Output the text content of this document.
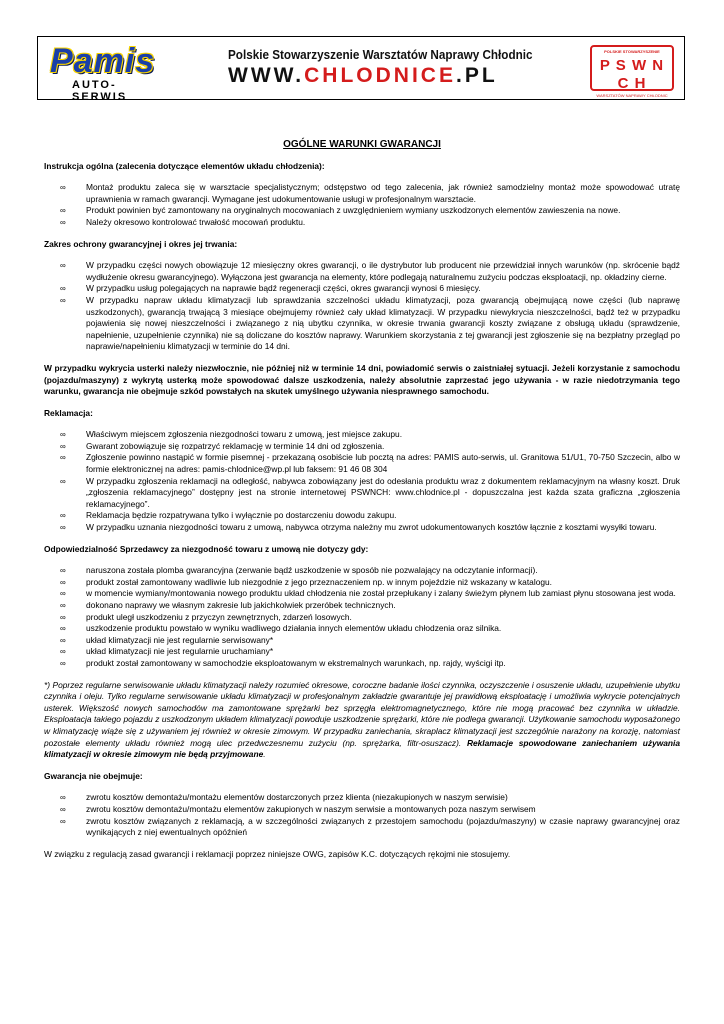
Pamis
AUTO-SERWIS
Polskie Stowarzyszenie Warsztatów Naprawy Chłodnic
WWW.CHLODNICE.PL
POLSKIE STOWARZYSZENIE
P S W N C H
WARSZTATÓW NAPRAWY CHŁODNIC
OGÓLNE WARUNKI GWARANCJI
Instrukcja ogólna (zalecenia dotyczące elementów układu chłodzenia):
∞ Montaż produktu zaleca się w warsztacie specjalistycznym; odstępstwo od tego zalecenia, jak również samodzielny montaż może spowodować utratę uprawnienia w ramach gwarancji. Wymagane jest udokumentowanie usługi w profesjonalnym warsztacie.
∞ Produkt powinien być zamontowany na oryginalnych mocowaniach z uwzględnieniem wymiany uszkodzonych elementów zawieszenia na nowe.
∞ Należy okresowo kontrolować trwałość mocowań produktu.
Zakres ochrony gwarancyjnej i okres jej trwania:
∞ W przypadku części nowych obowiązuje 12 miesięczny okres gwarancji, o ile dystrybutor lub producent nie przewidział innych warunków (np. skrócenie bądź wydłużenie okresu gwarancyjnego). Wyłączona jest gwarancja na elementy, które podlegają naturalnemu zużyciu podczas eksploatacji, np. okładziny cierne.
∞ W przypadku usług polegających na naprawie bądź regeneracji części, okres gwarancji wynosi 6 miesięcy.
∞ W przypadku napraw układu klimatyzacji lub sprawdzania szczelności układu klimatyzacji, poza gwarancją obejmującą nowe części (lub naprawę uszkodzonych), gwarancją trwającą 3 miesiące obejmujemy również cały układ klimatyzacji. W przypadku niewykrycia nieszczelności, bądź też w przypadku pojawienia się nowej nieszczelności i związanego z nią ubytku czynnika, w okresie trwania gwarancji koszty związane z obsługą układu (sprawdzenie, napełnienie, uzupełnienie czynnika) nie są doliczane do kosztów naprawy. Warunkiem skorzystania z tej gwarancji jest zgłoszenie się na bezpłatny przegląd po naprawie/napełnieniu klimatyzacji w terminie do 14 dni.
W przypadku wykrycia usterki należy niezwłocznie, nie później niż w terminie 14 dni, powiadomić serwis o zaistniałej sytuacji. Jeżeli korzystanie z samochodu (pojazdu/maszyny) z wykrytą usterką może spowodować dalsze uszkodzenia, należy absolutnie zaprzestać jego używania - w razie niedotrzymania tego warunku, gwarancja nie obejmuje szkód powstałych na skutek umyślnego używania niesprawnego samochodu.
Reklamacja:
∞ Właściwym miejscem zgłoszenia niezgodności towaru z umową, jest miejsce zakupu.
∞ Gwarant zobowiązuje się rozpatrzyć reklamację w terminie 14 dni od zgłoszenia.
∞ Zgłoszenie powinno nastąpić w formie pisemnej - przekazaną osobiście lub pocztą na adres: PAMIS auto-serwis, ul. Granitowa 51/U1, 70-750 Szczecin, albo w formie elektronicznej na adres: pamis-chlodnice@wp.pl lub faksem: 91 46 08 304
∞ W przypadku zgłoszenia reklamacji na odległość, nabywca zobowiązany jest do odesłania produktu wraz z dokumentem reklamacyjnym na własny koszt. Druk „zgłoszenia reklamacyjnego” dostępny jest na stronie internetowej PSWNCH: www.chlodnice.pl - dopuszczalna jest każda szata graficzna „zgłoszenia reklamacyjnego”.
∞ Reklamacja będzie rozpatrywana tylko i wyłącznie po dostarczeniu dowodu zakupu.
∞ W przypadku uznania niezgodności towaru z umową, nabywca otrzyma należny mu zwrot udokumentowanych kosztów łącznie z kosztami wysyłki towaru.
Odpowiedzialność Sprzedawcy za niezgodność towaru z umową nie dotyczy gdy:
∞ naruszona została plomba gwarancyjna (zerwanie bądź uszkodzenie w sposób nie pozwalający na odczytanie informacji).
∞ produkt został zamontowany wadliwie lub niezgodnie z jego przeznaczeniem np. w innym pojeździe niż wskazany w katalogu.
∞ w momencie wymiany/montowania nowego produktu układ chłodzenia nie został przepłukany i zalany świeżym płynem lub zamiast płynu stosowana jest woda.
∞ dokonano naprawy we własnym zakresie lub jakichkolwiek przeróbek technicznych.
∞ produkt uległ uszkodzeniu z przyczyn zewnętrznych, zdarzeń losowych.
∞ uszkodzenie produktu powstało w wyniku wadliwego działania innych elementów układu chłodzenia oraz silnika.
∞ układ klimatyzacji nie jest regularnie serwisowany*
∞ układ klimatyzacji nie jest regularnie uruchamiany*
∞ produkt został zamontowany w samochodzie eksploatowanym w ekstremalnych warunkach, np. rajdy, wyścigi itp.
*) Poprzez regularne serwisowanie układu klimatyzacji należy rozumieć okresowe, coroczne badanie ilości czynnika, oczyszczenie i osuszenie układu, uzupełnienie ubytku czynnika i oleju. Tylko regularne serwisowanie układu klimatyzacji w profesjonalnym zakładzie gwarantuje jej prawidłową eksploatację i umożliwia wykrycie potencjalnych usterek. Większość nowych samochodów ma zamontowane sprężarki bez sprzęgła elektromagnetycznego, które nie mogą pracować bez czynnika w układzie. Eksploatacja takiego pojazdu z uszkodzonym układem klimatyzacji powoduje uszkodzenie sprężarki, które nie podlega gwarancji. Użytkowanie samochodu wyposażonego w klimatyzację wiąże się z używaniem jej również w okresie zimowym. W przypadku zaniechania, skraplacz klimatyzacji jest szczególnie narażony na korozję, natomiast pozostałe elementy układu również mogą ulec przedwczesnemu zużyciu (np. sprężarka, filtr-osuszacz). Reklamacje spowodowane zaniechaniem używania klimatyzacji w okresie zimowym nie będą przyjmowane.
Gwarancja nie obejmuje:
∞ zwrotu kosztów demontażu/montażu elementów dostarczonych przez klienta (niezakupionych w naszym serwisie)
∞ zwrotu kosztów demontażu/montażu elementów zakupionych w naszym serwisie a montowanych poza naszym serwisem
∞ zwrotu kosztów związanych z reklamacją, a w szczególności związanych z przestojem samochodu (pojazdu/maszyny) w czasie naprawy gwarancyjnej oraz wynikających z niej ewentualnych opóźnień
W związku z regulacją zasad gwarancji i reklamacji poprzez niniejsze OWG, zapisów K.C. dotyczących rękojmi nie stosujemy.
